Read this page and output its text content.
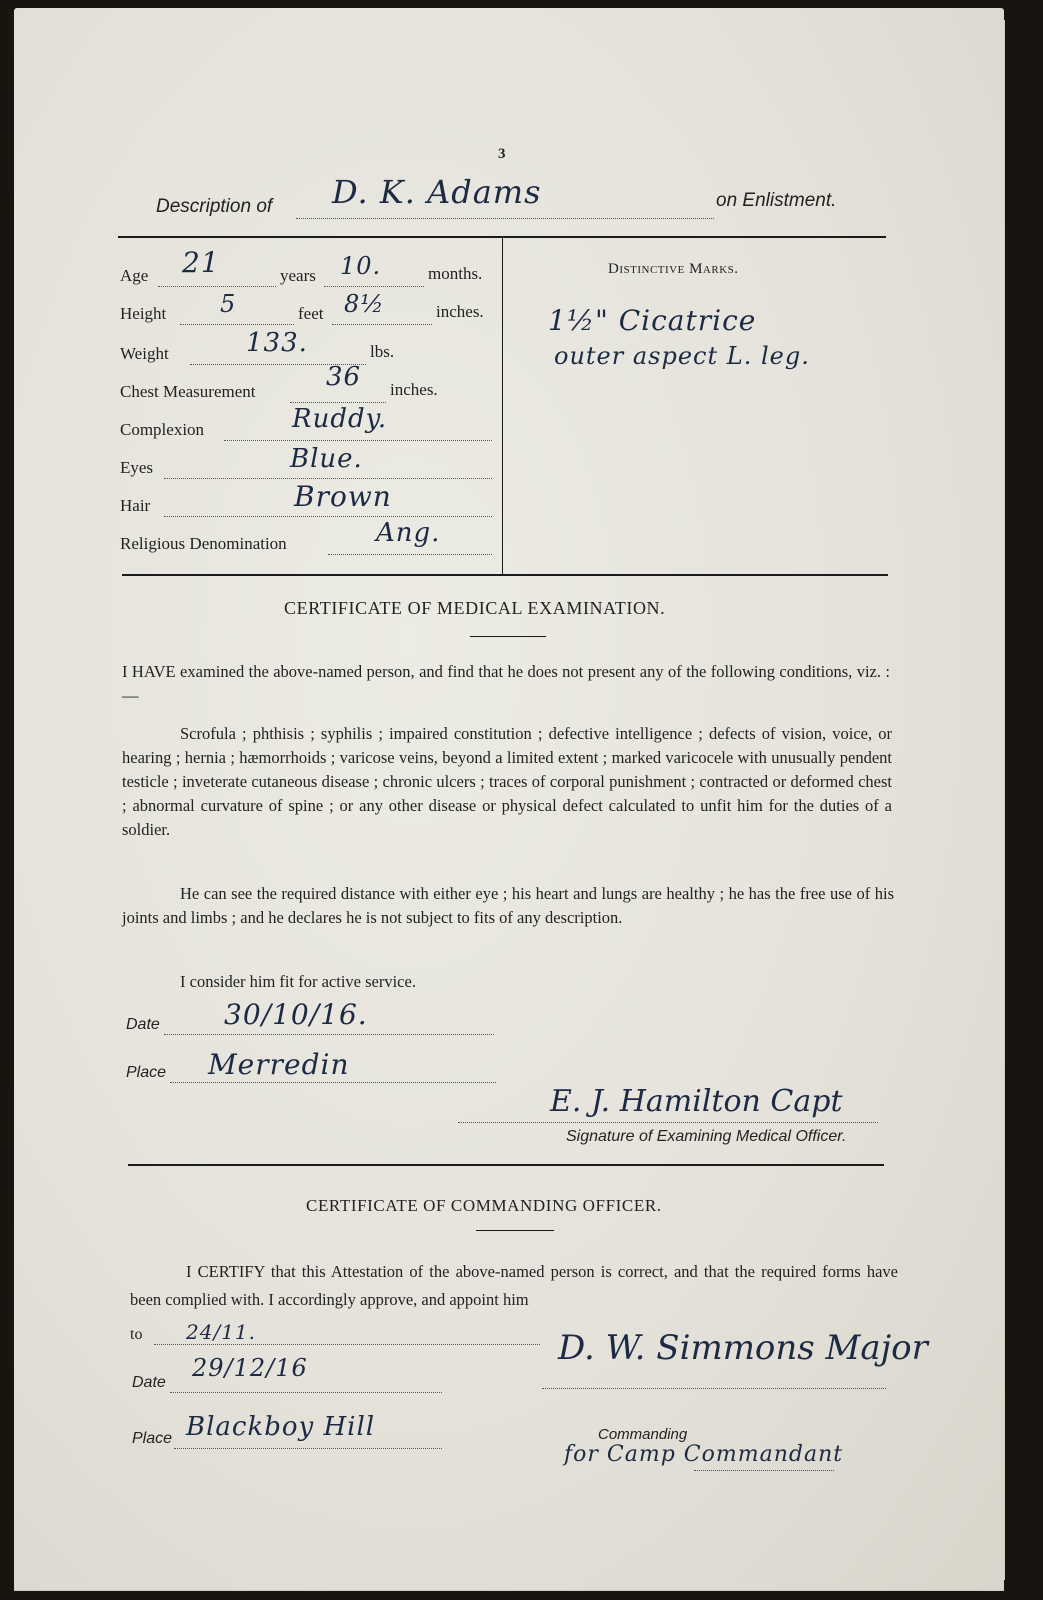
3
Description of D. K. Adams	on Enlistment.
Age 21	years 10.	months.
Height 5	feet 8½	inches.
Weight	133.	lbs.
Chest Measurement	36 inches.
Complexion	Ruddy.
Eyes	Blue.
Hair	Brown
Religious Denomination	Ang.
Distinctive Marks.
1½" Cicatrice
outer aspect L. leg.
CERTIFICATE OF MEDICAL EXAMINATION.
I HAVE examined the above-named person, and find that he does not present any of the following conditions, viz. :—
Scrofula ; phthisis ; syphilis ; impaired constitution ; defective intelligence ; defects of vision, voice, or hearing ; hernia ; hæmorrhoids ; varicose veins, beyond a limited extent ; marked varicocele with unusually pendent testicle ; inveterate cutaneous disease ; chronic ulcers ; traces of corporal punishment ; contracted or deformed chest ; abnormal curvature of spine ; or any other disease or physical defect calculated to unfit him for the duties of a soldier.
He can see the required distance with either eye ; his heart and lungs are healthy ; he has the free use of his joints and limbs ; and he declares he is not subject to fits of any description.
I consider him fit for active service.
Date 30/10/16.
Place Merredin
E. J. Hamilton Capt
Signature of Examining Medical Officer.
CERTIFICATE OF COMMANDING OFFICER.
I CERTIFY that this Attestation of the above-named person is correct, and that the required forms have been complied with. I accordingly approve, and appoint him
to 24/11.
Date
29/12/16
Place Blackboy Hill
D. W. Simmons Major
Commanding
for Camp Commandant
